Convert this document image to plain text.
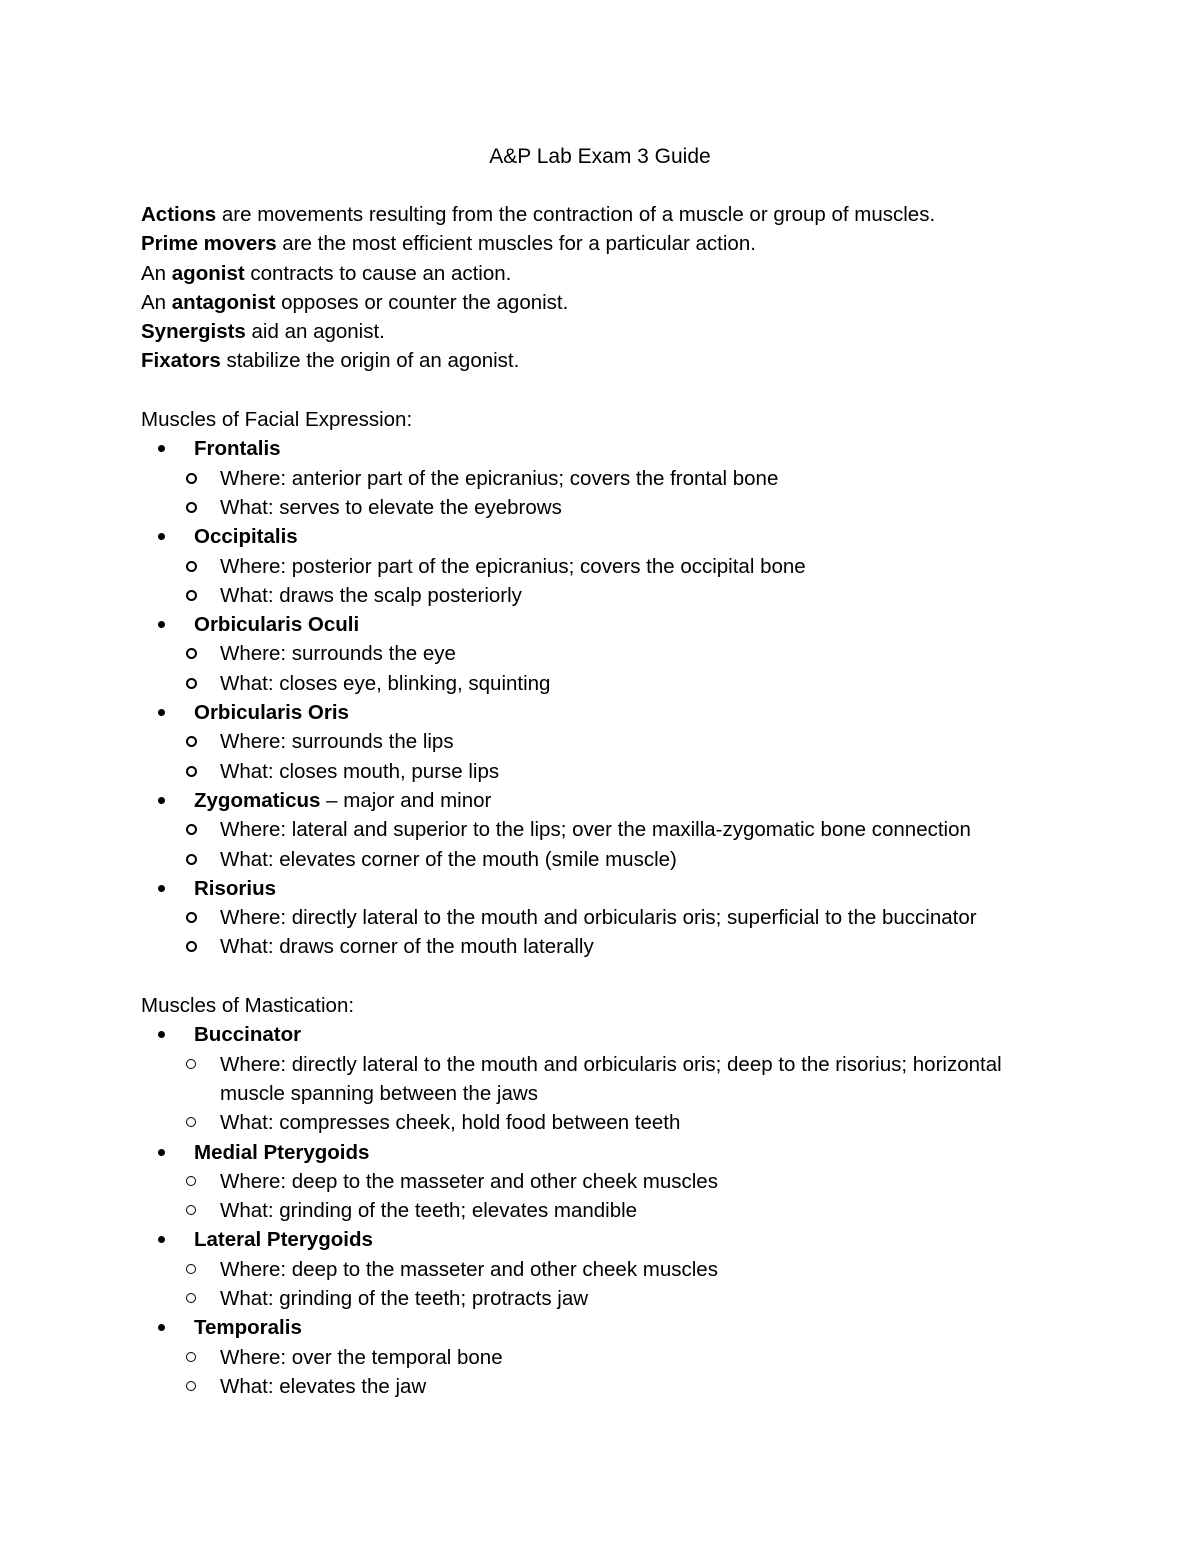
A&P Lab Exam 3 Guide

Actions are movements resulting from the contraction of a muscle or group of muscles.

Prime movers are the most efficient muscles for a particular action.

An agonist contracts to cause an action.

An antagonist opposes or counter the agonist.

Synergists aid an agonist.

Fixators stabilize the origin of an agonist.

Muscles of Facial Expression:

Frontalis
Where: anterior part of the epicranius; covers the frontal bone
What: serves to elevate the eyebrows
Occipitalis
Where: posterior part of the epicranius; covers the occipital bone
What: draws the scalp posteriorly
Orbicularis Oculi
Where: surrounds the eye
What: closes eye, blinking, squinting
Orbicularis Oris
Where: surrounds the lips
What: closes mouth, purse lips
Zygomaticus – major and minor
Where: lateral and superior to the lips; over the maxilla-zygomatic bone connection
What: elevates corner of the mouth (smile muscle)
Risorius
Where: directly lateral to the mouth and orbicularis oris; superficial to the buccinator
What: draws corner of the mouth laterally

Muscles of Mastication:

Buccinator
Where: directly lateral to the mouth and orbicularis oris; deep to the risorius; horizontal muscle spanning between the jaws
What: compresses cheek, hold food between teeth
Medial Pterygoids
Where: deep to the masseter and other cheek muscles
What: grinding of the teeth; elevates mandible
Lateral Pterygoids
Where: deep to the masseter and other cheek muscles
What: grinding of the teeth; protracts jaw
Temporalis
Where: over the temporal bone
What: elevates the jaw
